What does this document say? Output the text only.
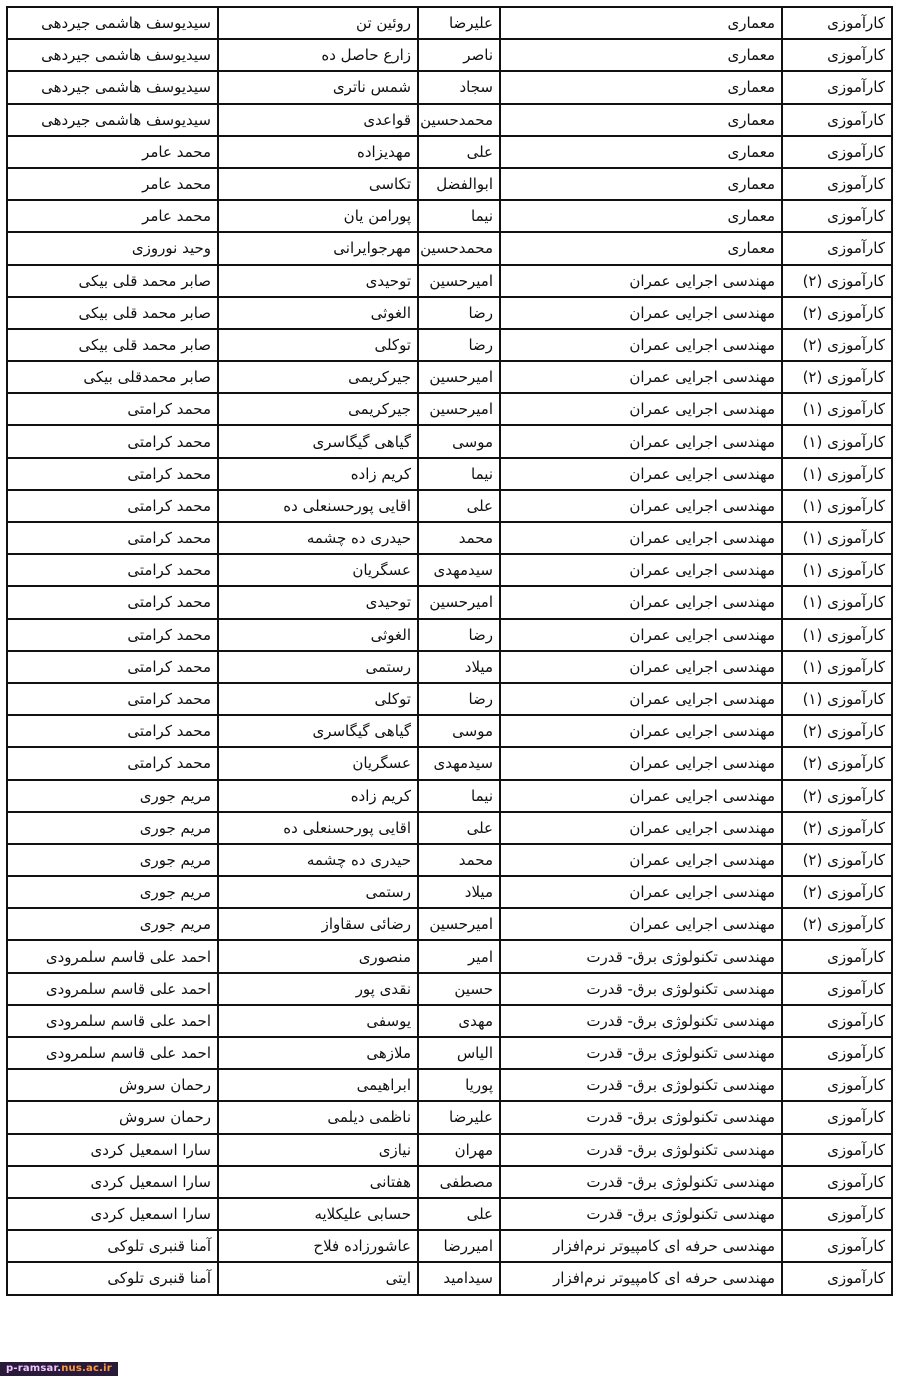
کارآموزی	معماری	علیرضا	روئین تن	سیدیوسف هاشمی جیردهی
کارآموزی	معماری	ناصر	زارع حاصل ده	سیدیوسف هاشمی جیردهی
کارآموزی	معماری	سجاد	شمس ناتری	سیدیوسف هاشمی جیردهی
کارآموزی	معماری	محمدحسین	قواعدی	سیدیوسف هاشمی جیردهی
کارآموزی	معماری	علی	مهدیزاده	محمد عامر
کارآموزی	معماری	ابوالفضل	تکاسی	محمد عامر
کارآموزی	معماری	نیما	پورامن یان	محمد عامر
کارآموزی	معماری	محمدحسین	مهرجوایرانی	وحید نوروزی
کارآموزی (۲)	مهندسی اجرایی عمران	امیرحسین	توحیدی	صابر محمد قلی بیکی
کارآموزی (۲)	مهندسی اجرایی عمران	رضا	الغوثی	صابر محمد قلی بیکی
کارآموزی (۲)	مهندسی اجرایی عمران	رضا	توکلی	صابر محمد قلی بیکی
کارآموزی (۲)	مهندسی اجرایی عمران	امیرحسین	جیرکریمی	صابر محمدقلی بیکی
کارآموزی (۱)	مهندسی اجرایی عمران	امیرحسین	جیرکریمی	محمد کرامتی
کارآموزی (۱)	مهندسی اجرایی عمران	موسی	گیاهی گیگاسری	محمد کرامتی
کارآموزی (۱)	مهندسی اجرایی عمران	نیما	کریم زاده	محمد کرامتی
کارآموزی (۱)	مهندسی اجرایی عمران	علی	اقایی پورحسنعلی ده	محمد کرامتی
کارآموزی (۱)	مهندسی اجرایی عمران	محمد	حیدری ده چشمه	محمد کرامتی
کارآموزی (۱)	مهندسی اجرایی عمران	سیدمهدی	عسگریان	محمد کرامتی
کارآموزی (۱)	مهندسی اجرایی عمران	امیرحسین	توحیدی	محمد کرامتی
کارآموزی (۱)	مهندسی اجرایی عمران	رضا	الغوثی	محمد کرامتی
کارآموزی (۱)	مهندسی اجرایی عمران	میلاد	رستمی	محمد کرامتی
کارآموزی (۱)	مهندسی اجرایی عمران	رضا	توکلی	محمد کرامتی
کارآموزی (۲)	مهندسی اجرایی عمران	موسی	گیاهی گیگاسری	محمد کرامتی
کارآموزی (۲)	مهندسی اجرایی عمران	سیدمهدی	عسگریان	محمد کرامتی
کارآموزی (۲)	مهندسی اجرایی عمران	نیما	کریم زاده	مریم جوری
کارآموزی (۲)	مهندسی اجرایی عمران	علی	اقایی پورحسنعلی ده	مریم جوری
کارآموزی (۲)	مهندسی اجرایی عمران	محمد	حیدری ده چشمه	مریم جوری
کارآموزی (۲)	مهندسی اجرایی عمران	میلاد	رستمی	مریم جوری
کارآموزی (۲)	مهندسی اجرایی عمران	امیرحسین	رضائی سقاواز	مریم جوری
کارآموزی	مهندسی تکنولوژی برق- قدرت	امیر	منصوری	احمد علی قاسم سلمرودی
کارآموزی	مهندسی تکنولوژی برق- قدرت	حسین	نقدی پور	احمد علی قاسم سلمرودی
کارآموزی	مهندسی تکنولوژی برق- قدرت	مهدی	یوسفی	احمد علی قاسم سلمرودی
کارآموزی	مهندسی تکنولوژی برق- قدرت	الیاس	ملازهی	احمد علی قاسم سلمرودی
کارآموزی	مهندسی تکنولوژی برق- قدرت	پوریا	ابراهیمی	رحمان سروش
کارآموزی	مهندسی تکنولوژی برق- قدرت	علیرضا	ناظمی دیلمی	رحمان سروش
کارآموزی	مهندسی تکنولوژی برق- قدرت	مهران	نیازی	سارا اسمعیل کردی
کارآموزی	مهندسی تکنولوژی برق- قدرت	مصطفی	هفتانی	سارا اسمعیل کردی
کارآموزی	مهندسی تکنولوژی برق- قدرت	علی	حسابی علیکلایه	سارا اسمعیل کردی
کارآموزی	مهندسی حرفه ای کامپیوتر نرم‌افزار	امیررضا	عاشورزاده فلاح	آمنا قنبری تلوکی
کارآموزی	مهندسی حرفه ای کامپیوتر نرم‌افزار	سیدامید	ایتی	آمنا قنبری تلوکی
p-ramsar.nus.ac.ir
